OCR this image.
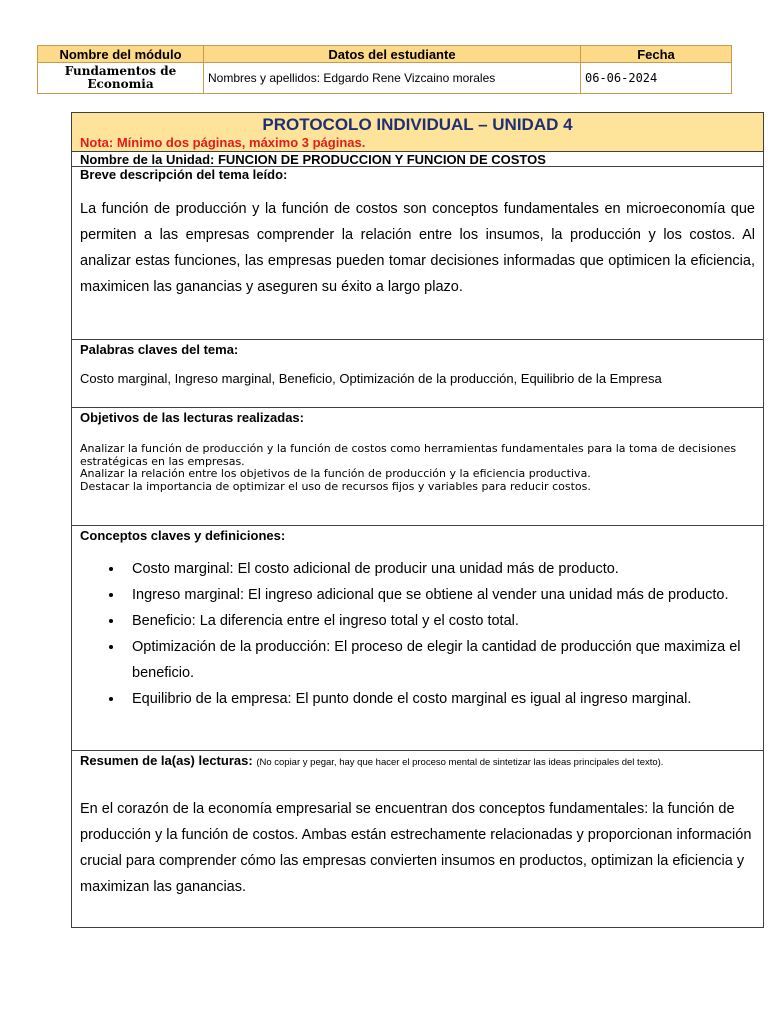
Nombre del módulo	Datos del estudiante	Fecha
Fundamentos de Economia	Nombres y apellidos: Edgardo Rene Vizcaino morales	06-06-2024
PROTOCOLO INDIVIDUAL – UNIDAD 4
Nota: Mínimo dos páginas, máximo 3 páginas.
Nombre de la Unidad: FUNCION DE PRODUCCION Y FUNCION DE COSTOS
Breve descripción del tema leído:
La función de producción y la función de costos son conceptos fundamentales en microeconomía que permiten a las empresas comprender la relación entre los insumos, la producción y los costos. Al analizar estas funciones, las empresas pueden tomar decisiones informadas que optimicen la eficiencia, maximicen las ganancias y aseguren su éxito a largo plazo.
Palabras claves del tema:
Costo marginal, Ingreso marginal, Beneficio, Optimización de la producción, Equilibrio de la Empresa
Objetivos de las lecturas realizadas:
Analizar la función de producción y la función de costos como herramientas fundamentales para la toma de decisiones estratégicas en las empresas.
Analizar la relación entre los objetivos de la función de producción y la eficiencia productiva.
Destacar la importancia de optimizar el uso de recursos fijos y variables para reducir costos.
Conceptos claves y definiciones:
• Costo marginal: El costo adicional de producir una unidad más de producto.
• Ingreso marginal: El ingreso adicional que se obtiene al vender una unidad más de producto.
• Beneficio: La diferencia entre el ingreso total y el costo total.
• Optimización de la producción: El proceso de elegir la cantidad de producción que maximiza el beneficio.
• Equilibrio de la empresa: El punto donde el costo marginal es igual al ingreso marginal.
Resumen de la(as) lecturas: (No copiar y pegar, hay que hacer el proceso mental de sintetizar las ideas principales del texto).
En el corazón de la economía empresarial se encuentran dos conceptos fundamentales: la función de producción y la función de costos. Ambas están estrechamente relacionadas y proporcionan información crucial para comprender cómo las empresas convierten insumos en productos, optimizan la eficiencia y maximizan las ganancias.
